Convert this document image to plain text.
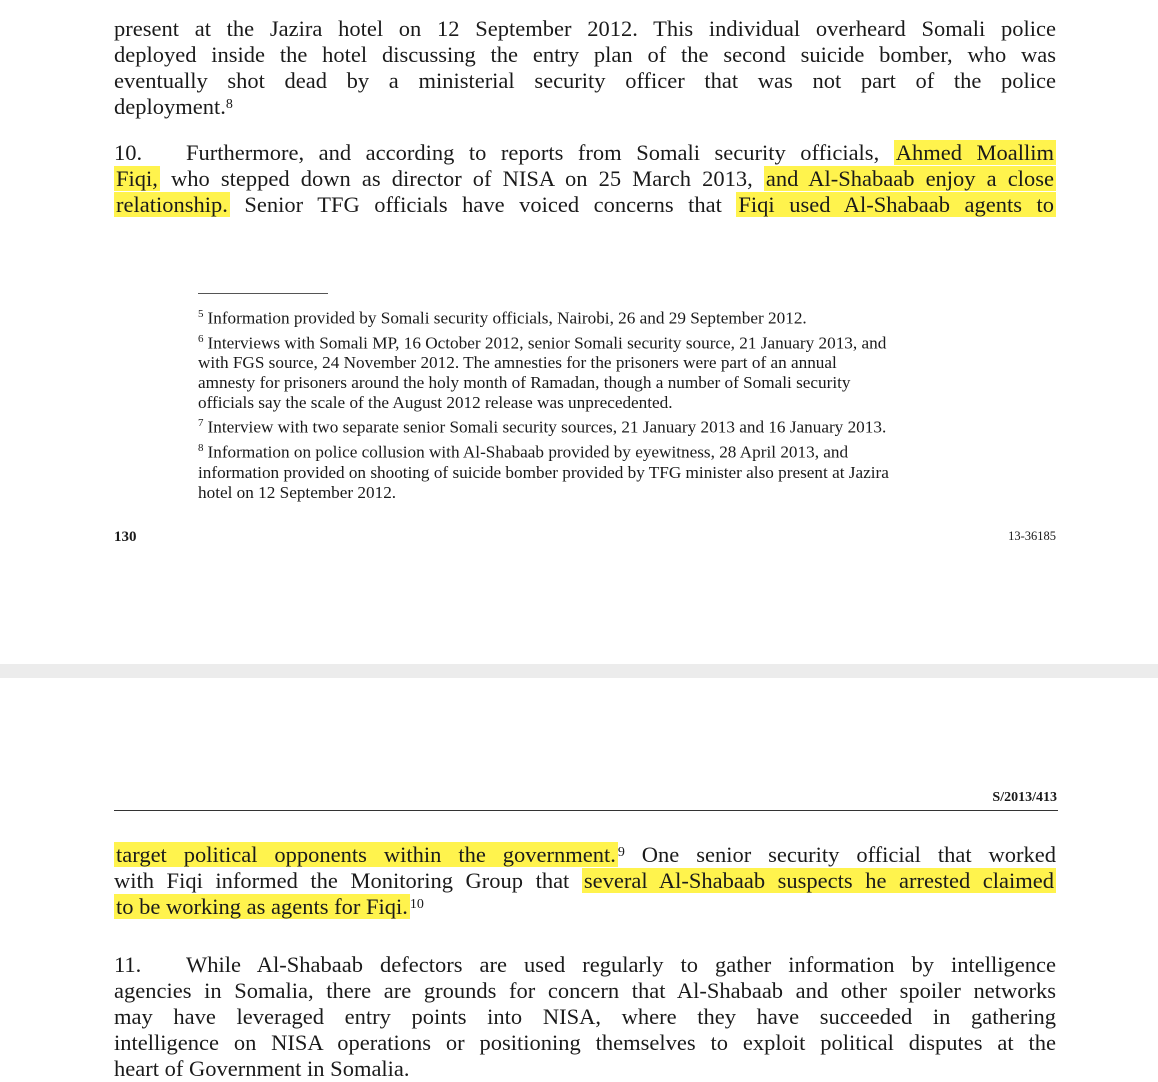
present at the Jazira hotel on 12 September 2012. This individual overheard Somali police
deployed inside the hotel discussing the entry plan of the second suicide bomber, who was
eventually shot dead by a ministerial security officer that was not part of the police
deployment.$^8$
10. Furthermore, and according to reports from Somali security officials, Ahmed Moallim
Fiqi, who stepped down as director of NISA on 25 March 2013, and Al-Shabaab enjoy a close
relationship. Senior TFG officials have voiced concerns that Fiqi used Al-Shabaab agents to
$^5$ Information provided by Somali security officials, Nairobi, 26 and 29 September 2012.
$^6$ Interviews with Somali MP, 16 October 2012, senior Somali security source, 21 January 2013, and
with FGS source, 24 November 2012. The amnesties for the prisoners were part of an annual
amnesty for prisoners around the holy month of Ramadan, though a number of Somali security
officials say the scale of the August 2012 release was unprecedented.
$^7$ Interview with two separate senior Somali security sources, 21 January 2013 and 16 January 2013.
$^8$ Information on police collusion with Al-Shabaab provided by eyewitness, 28 April 2013, and
information provided on shooting of suicide bomber provided by TFG minister also present at Jazira
hotel on 12 September 2012.
130	13-36185
S/2013/413
target political opponents within the government. $^9$ One senior security official that worked
with Fiqi informed the Monitoring Group that several Al-Shabaab suspects he arrested claimed
to be working as agents for Fiqi. $^{10}$
11. While Al-Shabaab defectors are used regularly to gather information by intelligence
agencies in Somalia, there are grounds for concern that Al-Shabaab and other spoiler networks
may have leveraged entry points into NISA, where they have succeeded in gathering
intelligence on NISA operations or positioning themselves to exploit political disputes at the
heart of Government in Somalia.
